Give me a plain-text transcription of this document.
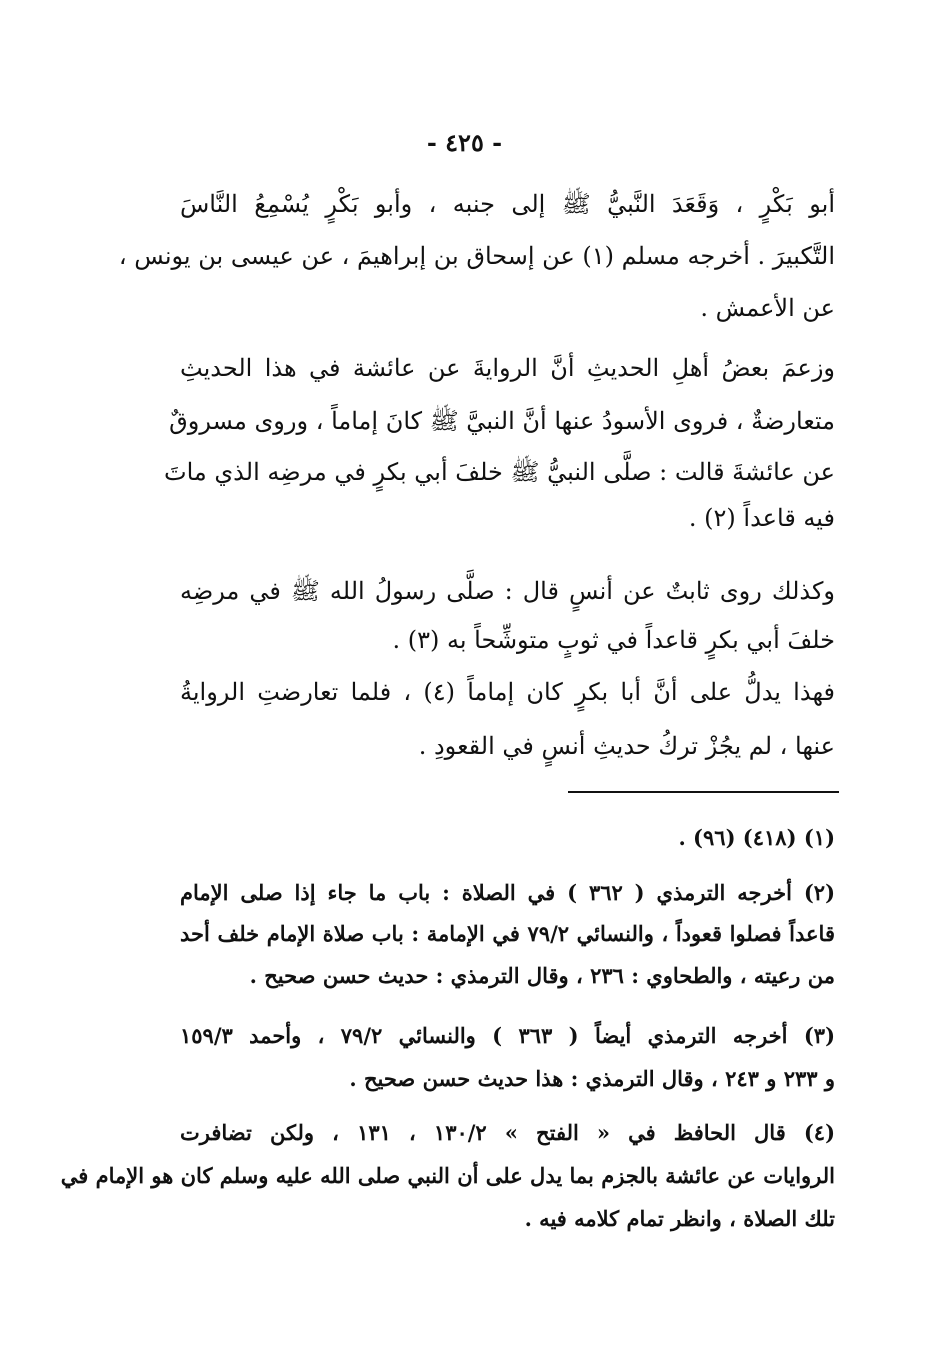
- ٤٢٥ -
أبو بَكْرٍ ، وَقَعَدَ النَّبيُّ ﷺ إلى جنبه ، وأبو بَكْرٍ يُسْمِعُ النَّاسَ
التَّكبيرَ . أخرجه مسلم (١) عن إسحاق بن إبراهيمَ ، عن عيسى بن يونس ،
عن الأعمش .
وزعمَ بعضُ أهلِ الحديثِ أنَّ الروايةَ عن عائشة في هذا الحديثِ
متعارضةٌ ، فروى الأسودُ عنها أنَّ النبيَّ ﷺ كانَ إماماً ، وروى مسروقٌ
عن عائشةَ قالت : صلَّى النبيُّ ﷺ خلفَ أبي بكرٍ في مرضِه الذي ماتَ
فيه قاعداً (٢) .
وكذلك روى ثابتٌ عن أنسٍ قال : صلَّى رسولُ الله ﷺ في مرضِه
خلفَ أبي بكرٍ قاعداً في ثوبٍ متوشِّحاً به (٣) .
فهذا يدلُّ على أنَّ أبا بكرٍ كان إماماً (٤) ، فلما تعارضتِ الروايةُ
عنها ، لم يجُزْ تركُ حديثِ أنسٍ في القعودِ .
(١) (٤١٨) (٩٦) .
(٢) أخرجه الترمذي ( ٣٦٢ ) في الصلاة : باب ما جاء إذا صلى الإمام
قاعداً فصلوا قعوداً ، والنسائي ٧٩/٢ في الإمامة : باب صلاة الإمام خلف أحد
من رعيته ، والطحاوي : ٢٣٦ ، وقال الترمذي : حديث حسن صحيح .
(٣) أخرجه الترمذي أيضاً ( ٣٦٣ ) والنسائي ٧٩/٢ ، وأحمد ١٥٩/٣
و ٢٣٣ و ٢٤٣ ، وقال الترمذي : هذا حديث حسن صحيح .
(٤) قال الحافظ في « الفتح » ١٣٠/٢ ، ١٣١ ، ولكن تضافرت
الروايات عن عائشة بالجزم بما يدل على أن النبي صلى الله عليه وسلم كان هو الإمام في
تلك الصلاة ، وانظر تمام كلامه فيه .
